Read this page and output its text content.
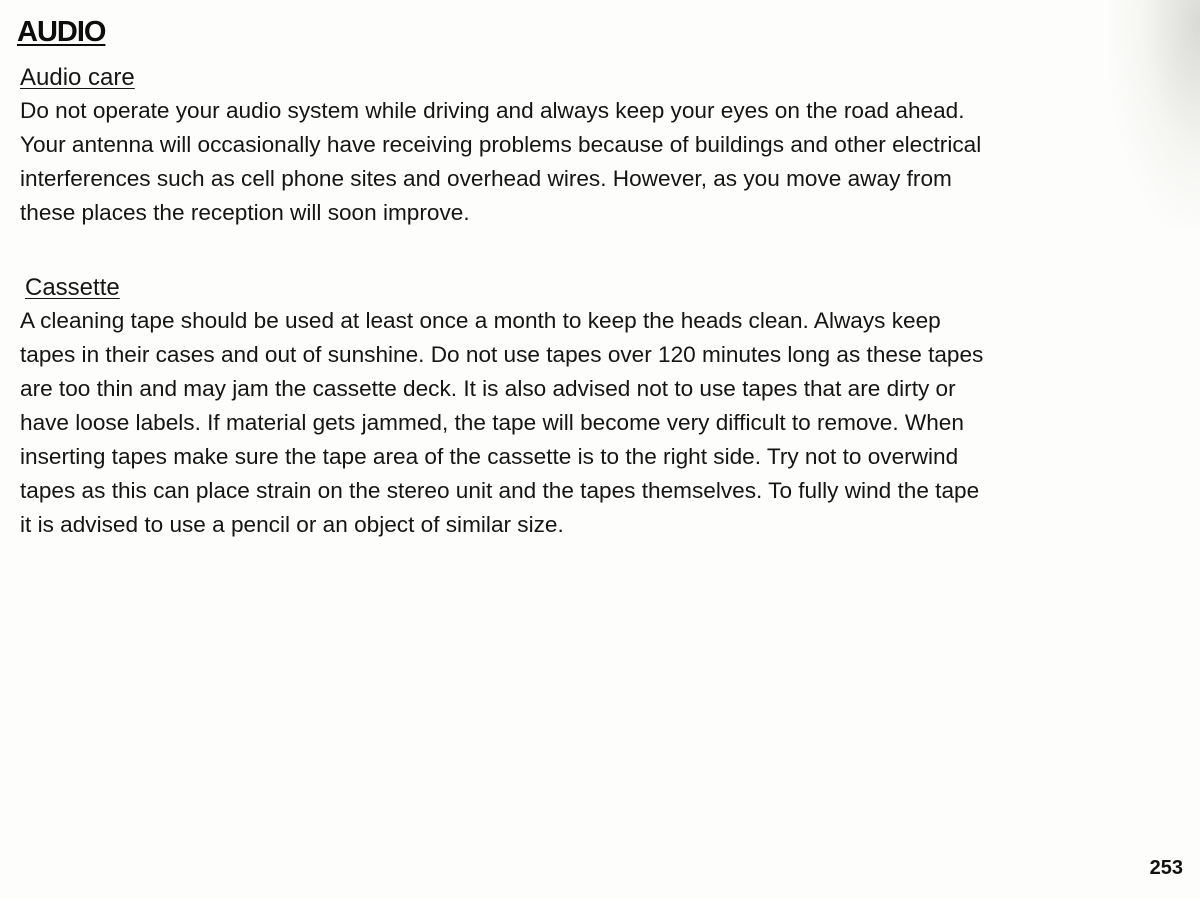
AUDIO
Audio care

Do not operate your audio system while driving and always keep your eyes on the road ahead.
Your antenna will occasionally have receiving problems because of buildings and other electrical
interferences such as cell phone sites and overhead wires. However, as you move away from
these places the reception will soon improve.

Cassette

A cleaning tape should be used at least once a month to keep the heads clean. Always keep
tapes in their cases and out of sunshine. Do not use tapes over 120 minutes long as these tapes
are too thin and may jam the cassette deck. It is also advised not to use tapes that are dirty or
have loose labels. If material gets jammed, the tape will become very difficult to remove. When
inserting tapes make sure the tape area of the cassette is to the right side. Try not to overwind
tapes as this can place strain on the stereo unit and the tapes themselves. To fully wind the tape
it is advised to use a pencil or an object of similar size.

253
